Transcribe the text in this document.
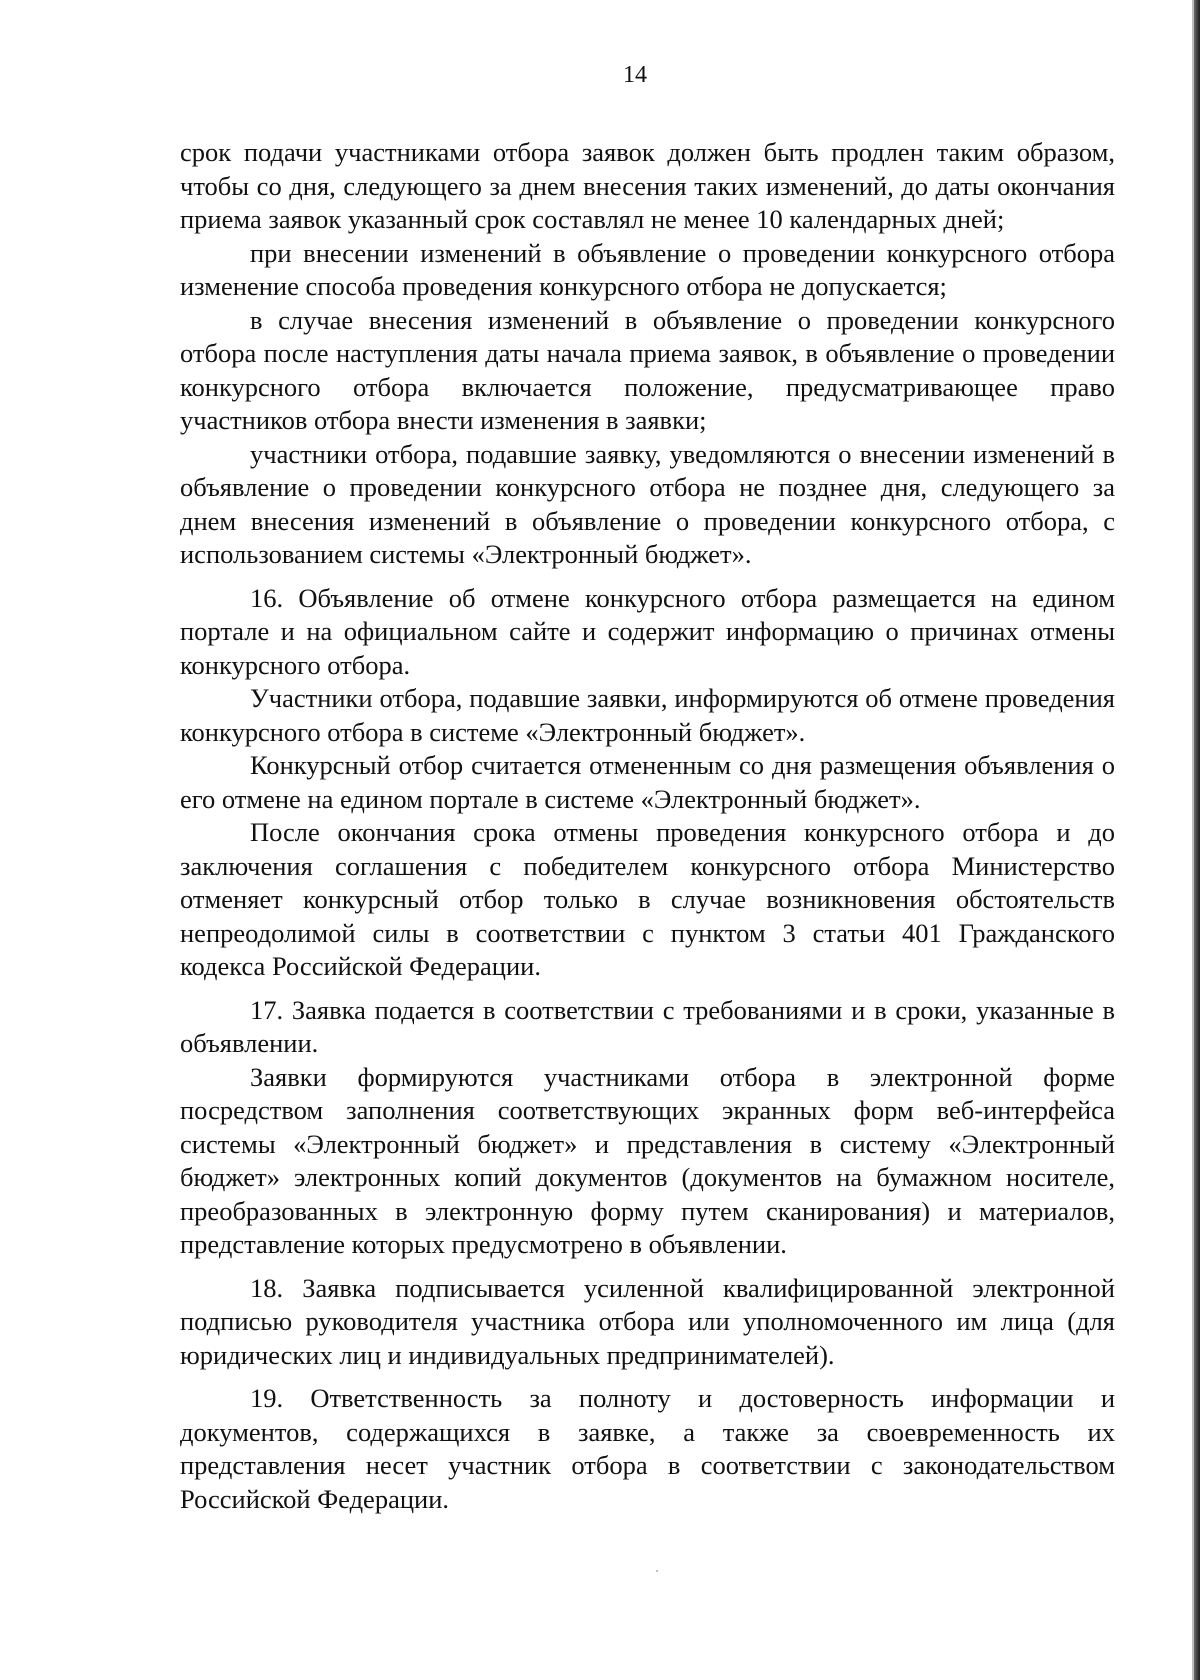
14

срок подачи участниками отбора заявок должен быть продлен таким образом, чтобы со дня, следующего за днем внесения таких изменений, до даты окончания приема заявок указанный срок составлял не менее 10 календарных дней;

при внесении изменений в объявление о проведении конкурсного отбора изменение способа проведения конкурсного отбора не допускается;

в случае внесения изменений в объявление о проведении конкурсного отбора после наступления даты начала приема заявок, в объявление о проведении конкурсного отбора включается положение, предусматривающее право участников отбора внести изменения в заявки;

участники отбора, подавшие заявку, уведомляются о внесении изменений в объявление о проведении конкурсного отбора не позднее дня, следующего за днем внесения изменений в объявление о проведении конкурсного отбора, с использованием системы «Электронный бюджет».

16. Объявление об отмене конкурсного отбора размещается на едином портале и на официальном сайте и содержит информацию о причинах отмены конкурсного отбора.

Участники отбора, подавшие заявки, информируются об отмене проведения конкурсного отбора в системе «Электронный бюджет».

Конкурсный отбор считается отмененным со дня размещения объявления о его отмене на едином портале в системе «Электронный бюджет».

После окончания срока отмены проведения конкурсного отбора и до заключения соглашения с победителем конкурсного отбора Министерство отменяет конкурсный отбор только в случае возникновения обстоятельств непреодолимой силы в соответствии с пунктом 3 статьи 401 Гражданского кодекса Российской Федерации.

17. Заявка подается в соответствии с требованиями и в сроки, указанные в объявлении.

Заявки формируются участниками отбора в электронной форме посредством заполнения соответствующих экранных форм веб-интерфейса системы «Электронный бюджет» и представления в систему «Электронный бюджет» электронных копий документов (документов на бумажном носителе, преобразованных в электронную форму путем сканирования) и материалов, представление которых предусмотрено в объявлении.

18. Заявка подписывается усиленной квалифицированной электронной подписью руководителя участника отбора или уполномоченного им лица (для юридических лиц и индивидуальных предпринимателей).

19. Ответственность за полноту и достоверность информации и документов, содержащихся в заявке, а также за своевременность их представления несет участник отбора в соответствии с законодательством Российской Федерации.
